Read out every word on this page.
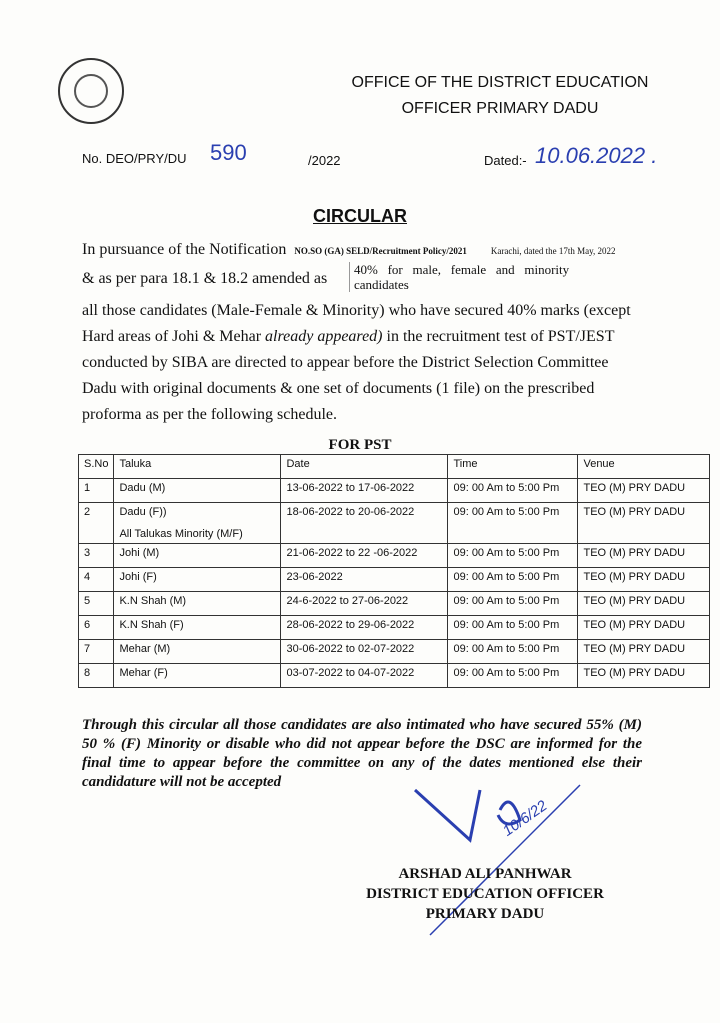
OFFICE OF THE DISTRICT EDUCATION
OFFICER PRIMARY DADU
No. DEO/PRY/DU 590	/2022	Dated:- 10.06.2022 .
CIRCULAR
In pursuance of the Notification NO.SO (GA) SELD/Recruitment Policy/2021	Karachi, dated the 17th May, 2022
& as per para 18.1 & 18.2 amended as
40%   for   male,   female   and   minority
candidates
all those candidates (Male-Female & Minority) who have secured 40% marks (except
Hard areas of Johi & Mehar already appeared) in the recruitment test of PST/JEST
conducted by SIBA are directed to appear before the District Selection Committee
Dadu with original documents & one set of documents (1 file) on the prescribed
proforma as per the following schedule.
FOR PST
S.No	Taluka	Date	Time	Venue

1	Dadu (M)	13-06-2022 to 17-06-2022	09: 00 Am to 5:00 Pm	TEO (M) PRY DADU

2	Dadu (F))
All Talukas Minority (M/F)	18-06-2022 to 20-06-2022	09: 00 Am to 5:00 Pm	TEO (M) PRY DADU

3	Johi (M)	21-06-2022 to 22 -06-2022	09: 00 Am to 5:00 Pm	TEO (M) PRY DADU

4	Johi (F)	23-06-2022	09: 00 Am to 5:00 Pm	TEO (M) PRY DADU

5	K.N Shah (M)	24-6-2022 to 27-06-2022	09: 00 Am to 5:00 Pm	TEO (M) PRY DADU

6	K.N Shah (F)	28-06-2022 to 29-06-2022	09: 00 Am to 5:00 Pm	TEO (M) PRY DADU

7	Mehar (M)	30-06-2022 to 02-07-2022	09: 00 Am to 5:00 Pm	TEO (M) PRY DADU

8	Mehar (F)	03-07-2022 to 04-07-2022	09: 00 Am to 5:00 Pm	TEO (M) PRY DADU
Through this circular all those candidates are also intimated who have secured 55% (M) 50 % (F) Minority or disable who did not appear before the DSC are informed for the final time to appear before the committee on any of the dates mentioned else their candidature will not be accepted
10/6/22
ARSHAD ALI PANHWAR
DISTRICT EDUCATION OFFICER
PRIMARY DADU
